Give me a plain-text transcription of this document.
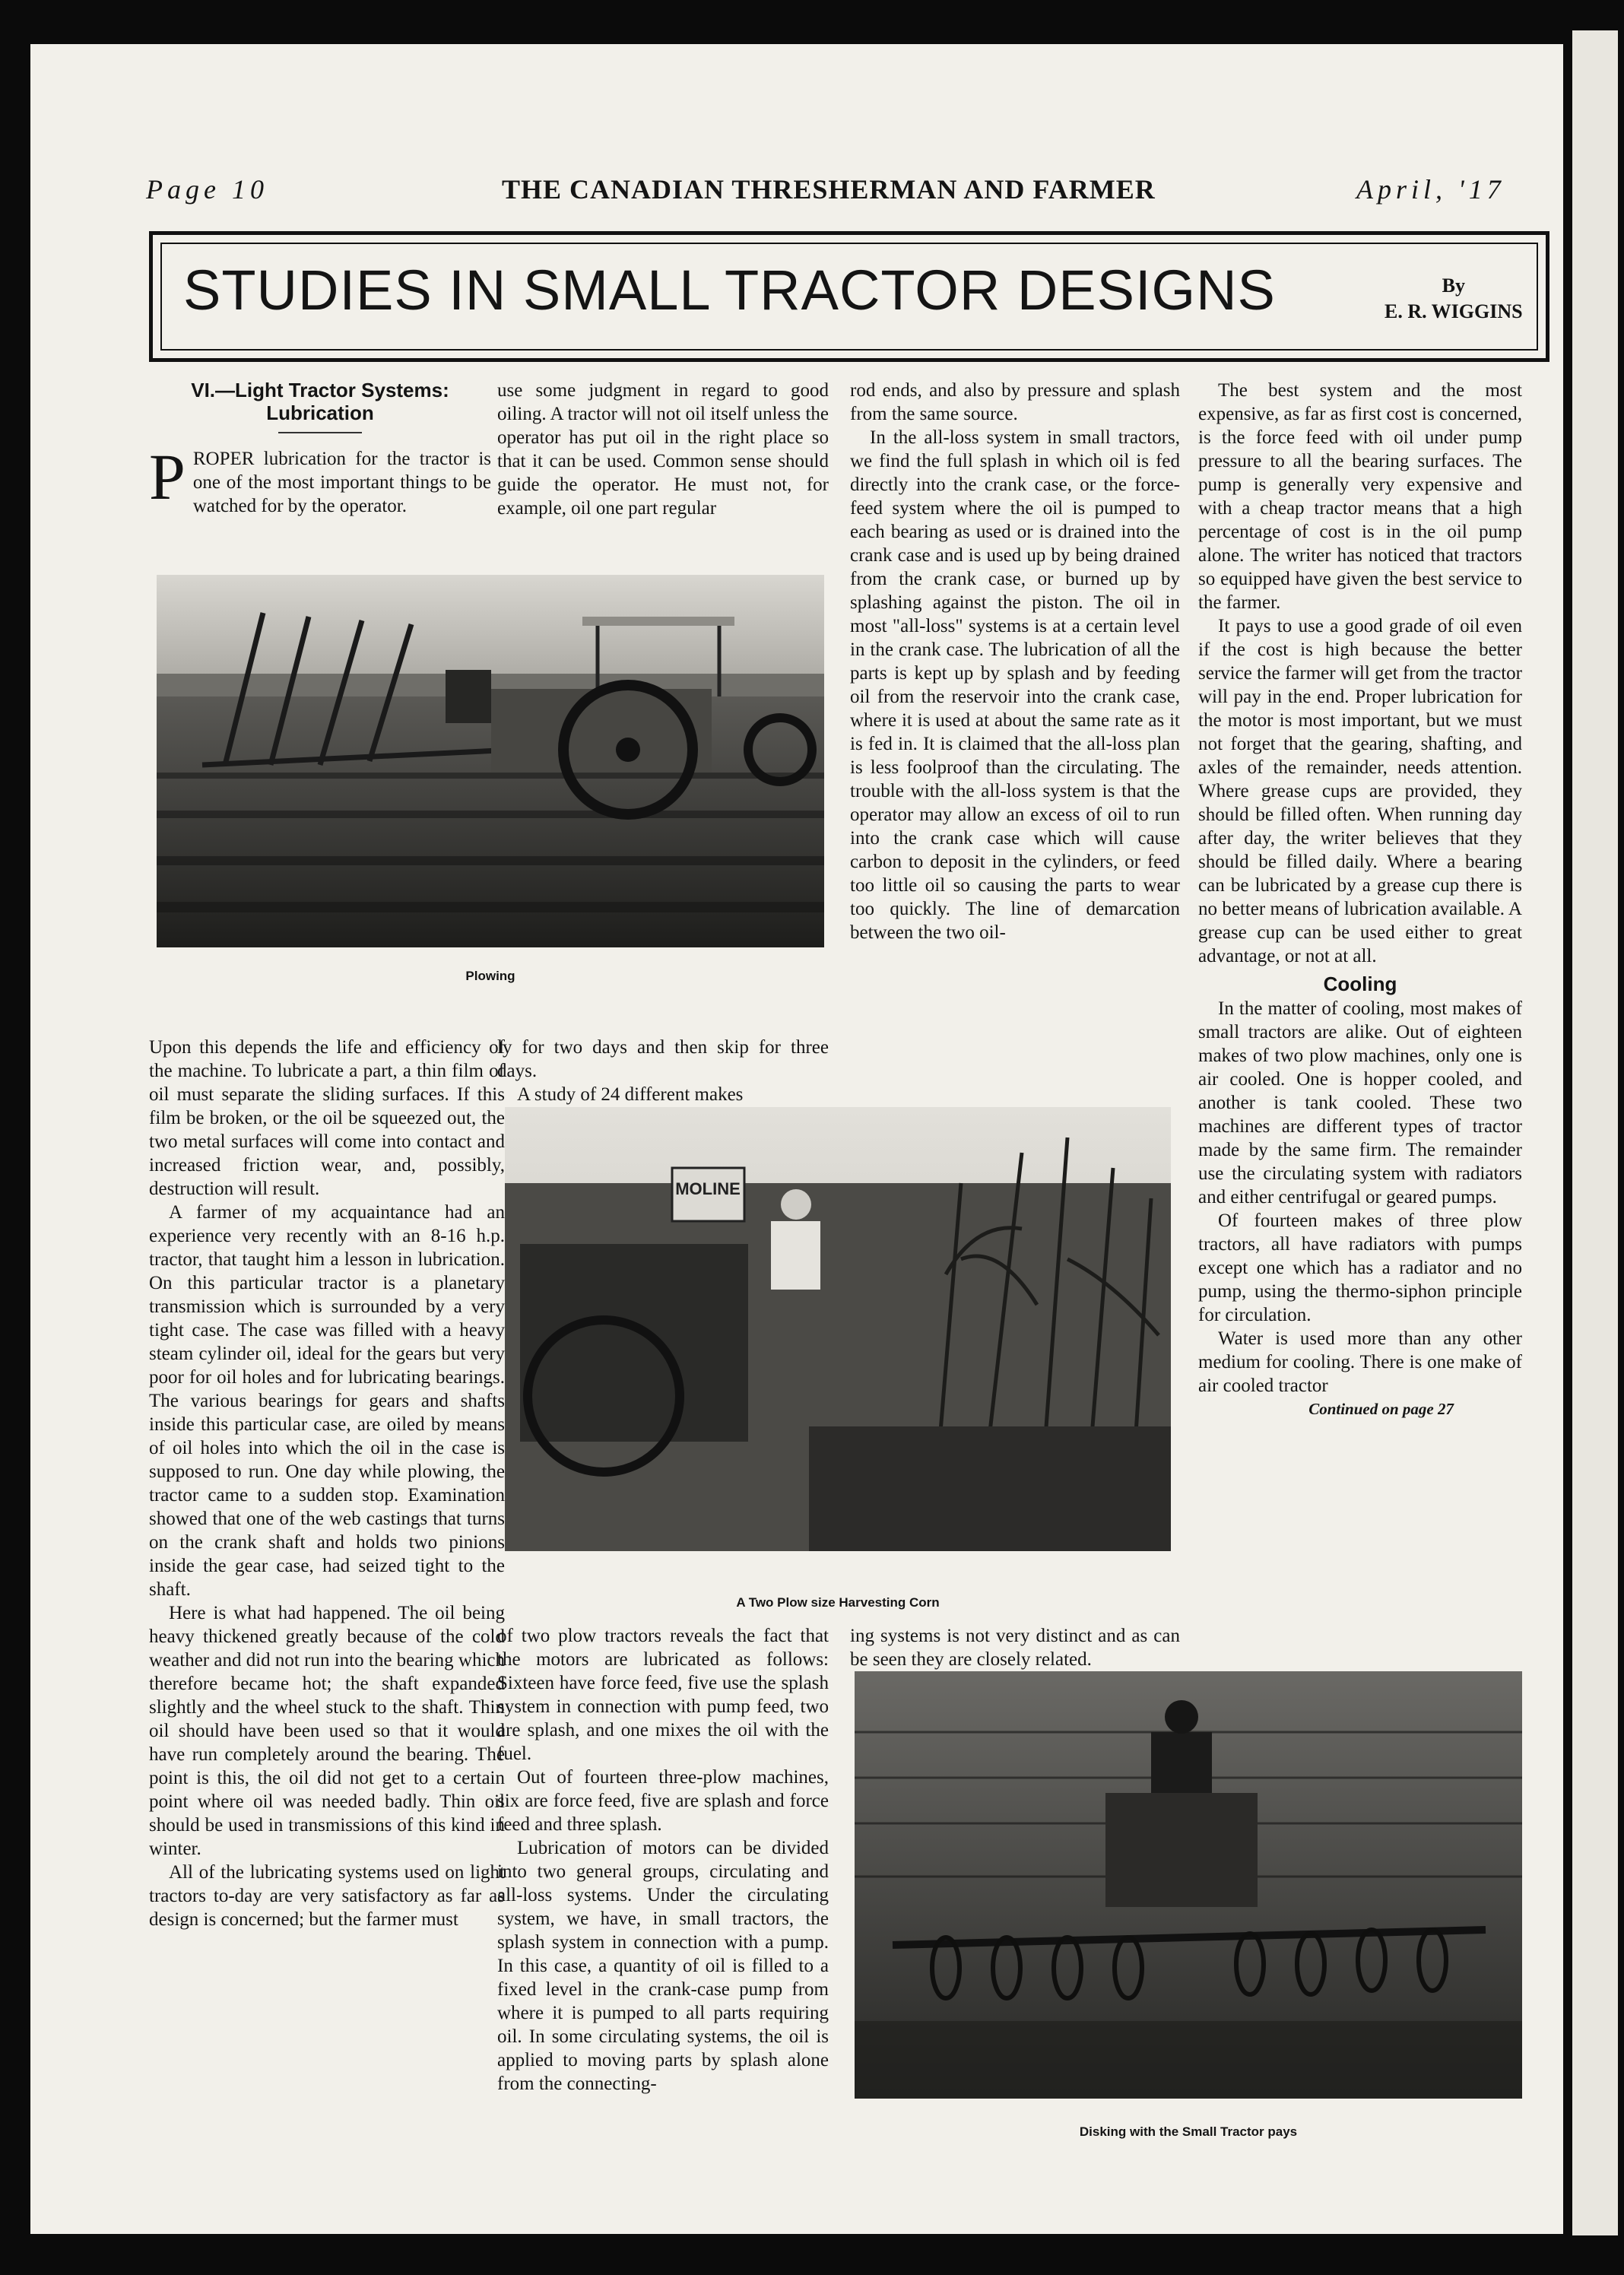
Page 10	THE CANADIAN THRESHERMAN AND FARMER	April, '17
STUDIES IN SMALL TRACTOR DESIGNS	By
E. R. WIGGINS
VI.—Light Tractor Systems:
Lubrication

PROPER lubrication for the tractor is one of the most important things to be watched for by the operator.

use some judgment in regard to good oiling. A tractor will not oil itself unless the operator has put oil in the right place so that it can be used. Common sense should guide the operator. He must not, for example, oil one part regular

Plowing

Upon this depends the life and efficiency of the machine. To lubricate a part, a thin film of oil must separate the sliding surfaces. If this film be broken, or the oil be squeezed out, the two metal surfaces will come into contact and increased friction wear, and, possibly, destruction will result.

A farmer of my acquaintance had an experience very recently with an 8-16 h.p. tractor, that taught him a lesson in lubrication. On this particular tractor is a planetary transmission which is surrounded by a very tight case. The case was filled with a heavy steam cylinder oil, ideal for the gears but very poor for oil holes and for lubricating bearings. The various bearings for gears and shafts inside this particular case, are oiled by means of oil holes into which the oil in the case is supposed to run. One day while plowing, the tractor came to a sudden stop. Examination showed that one of the web castings that turns on the crank shaft and holds two pinions inside the gear case, had seized tight to the shaft.

Here is what had happened. The oil being heavy thickened greatly because of the cold weather and did not run into the bearing which therefore became hot; the shaft expanded slightly and the wheel stuck to the shaft. Thin oil should have been used so that it would have run completely around the bearing. The point is this, the oil did not get to a certain point where oil was needed badly. Thin oil should be used in transmissions of this kind in winter.

All of the lubricating systems used on light tractors to-day are very satisfactory as far as design is concerned; but the farmer must

ly for two days and then skip for three days.

A study of 24 different makes

MOLINE
A Two Plow size Harvesting Corn

of two plow tractors reveals the fact that the motors are lubricated as follows: Sixteen have force feed, five use the splash system in connection with pump feed, two are splash, and one mixes the oil with the fuel.

Out of fourteen three-plow machines, six are force feed, five are splash and force feed and three splash.

Lubrication of motors can be divided into two general groups, circulating and all-loss systems. Under the circulating system, we have, in small tractors, the splash system in connection with a pump. In this case, a quantity of oil is filled to a fixed level in the crank-case pump from where it is pumped to all parts requiring oil. In some circulating systems, the oil is applied to moving parts by splash alone from the connecting-

rod ends, and also by pressure and splash from the same source.

In the all-loss system in small tractors, we find the full splash in which oil is fed directly into the crank case, or the force-feed system where the oil is pumped to each bearing as used or is drained into the crank case and is used up by being drained from the crank case, or burned up by splashing against the piston. The oil in most "all-loss" systems is at a certain level in the crank case. The lubrication of all the parts is kept up by splash and by feeding oil from the reservoir into the crank case, where it is used at about the same rate as it is fed in. It is claimed that the all-loss plan is less foolproof than the circulating. The trouble with the all-loss system is that the operator may allow an excess of oil to run into the crank case which will cause carbon to deposit in the cylinders, or feed too little oil so causing the parts to wear too quickly. The line of demarcation between the two oil-

ing systems is not very distinct and as can be seen they are closely related.

The best system and the most expensive, as far as first cost is concerned, is the force feed with oil under pump pressure to all the bearing surfaces. The pump is generally very expensive and with a cheap tractor means that a high percentage of cost is in the oil pump alone. The writer has noticed that tractors so equipped have given the best service to the farmer.

It pays to use a good grade of oil even if the cost is high because the better service the farmer will get from the tractor will pay in the end. Proper lubrication for the motor is most important, but we must not forget that the gearing, shafting, and axles of the remainder, needs attention. Where grease cups are provided, they should be filled often. When running day after day, the writer believes that they should be filled daily. Where a bearing can be lubricated by a grease cup there is no better means of lubrication available. A grease cup can be used either to great advantage, or not at all.

Cooling

In the matter of cooling, most makes of small tractors are alike. Out of eighteen makes of two plow machines, only one is air cooled. One is hopper cooled, and another is tank cooled. These two machines are different types of tractor made by the same firm. The remainder use the circulating system with radiators and either centrifugal or geared pumps.

Of fourteen makes of three plow tractors, all have radiators with pumps except one which has a radiator and no pump, using the thermo-siphon principle for circulation.

Water is used more than any other medium for cooling. There is one make of air cooled tractor

Continued on page 27
Disking with the Small Tractor pays
